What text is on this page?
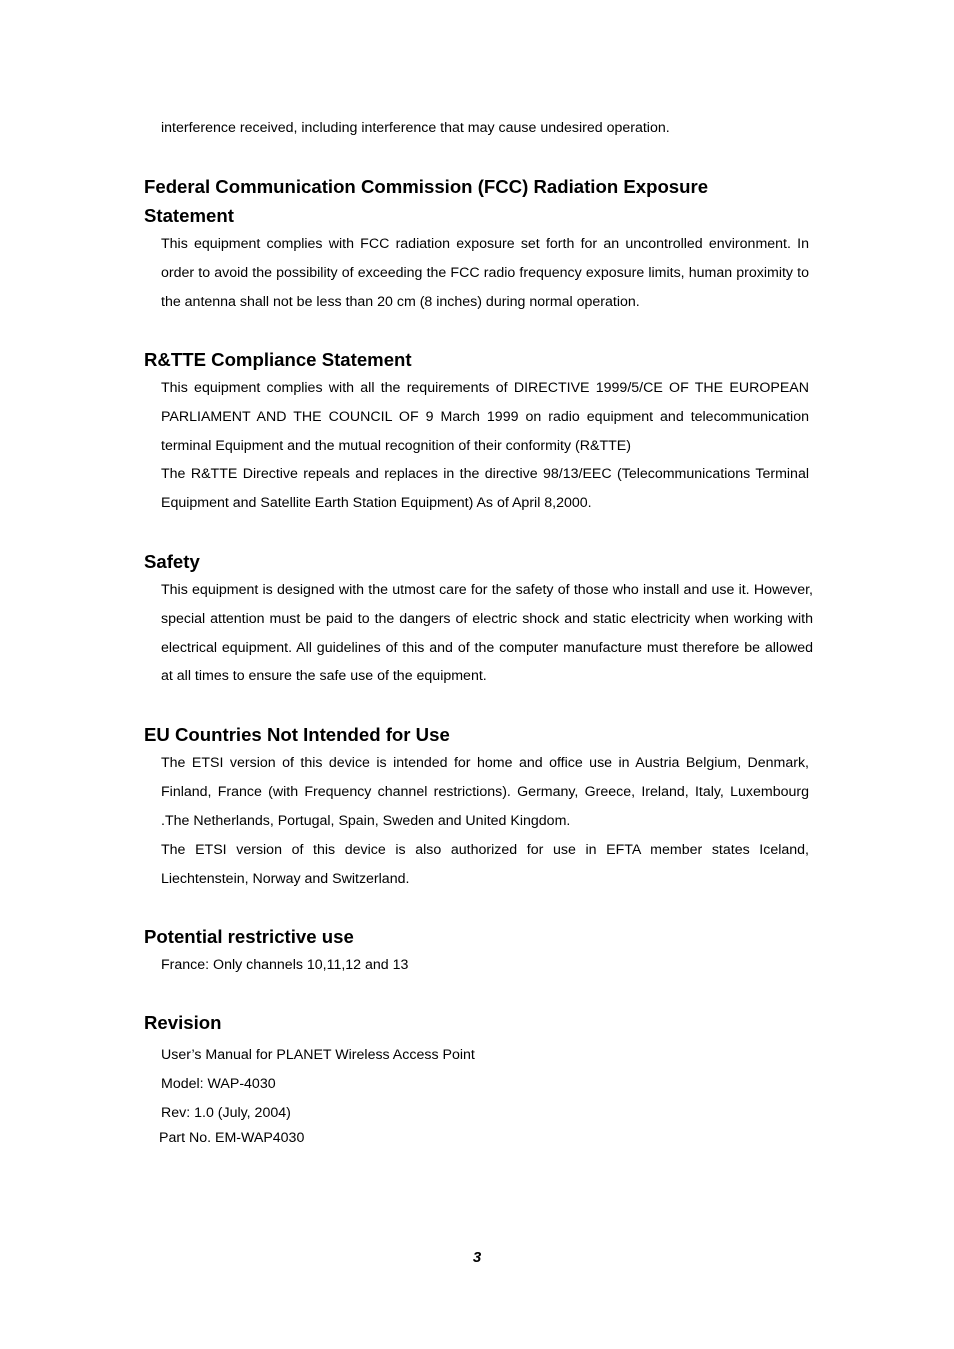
interference received, including interference that may cause undesired operation.

Federal Communication Commission (FCC) Radiation Exposure Statement

This equipment complies with FCC radiation exposure set forth for an uncontrolled environment. In order to avoid the possibility of exceeding the FCC radio frequency exposure limits, human proximity to the antenna shall not be less than 20 cm (8 inches) during normal operation.

R&TTE Compliance Statement

This equipment complies with all the requirements of DIRECTIVE 1999/5/CE OF THE EUROPEAN PARLIAMENT AND THE COUNCIL OF 9 March 1999 on radio equipment and telecommunication terminal Equipment and the mutual recognition of their conformity (R&TTE)

The R&TTE Directive repeals and replaces in the directive 98/13/EEC (Telecommunications Terminal Equipment and Satellite Earth Station Equipment) As of April 8,2000.

Safety

This equipment is designed with the utmost care for the safety of those who install and use it. However, special attention must be paid to the dangers of electric shock and static electricity when working with electrical equipment. All guidelines of this and of the computer manufacture must therefore be allowed at all times to ensure the safe use of the equipment.

EU Countries Not Intended for Use

The ETSI version of this device is intended for home and office use in Austria Belgium, Denmark, Finland, France (with Frequency channel restrictions). Germany, Greece, Ireland, Italy, Luxembourg .The Netherlands, Portugal, Spain, Sweden and United Kingdom.

The ETSI version of this device is also authorized for use in EFTA member states Iceland, Liechtenstein, Norway and Switzerland.

Potential restrictive use

France: Only channels 10,11,12 and 13

Revision

User’s Manual for PLANET Wireless Access Point

Model: WAP-4030

Rev: 1.0 (July, 2004)

Part No. EM-WAP4030

3
